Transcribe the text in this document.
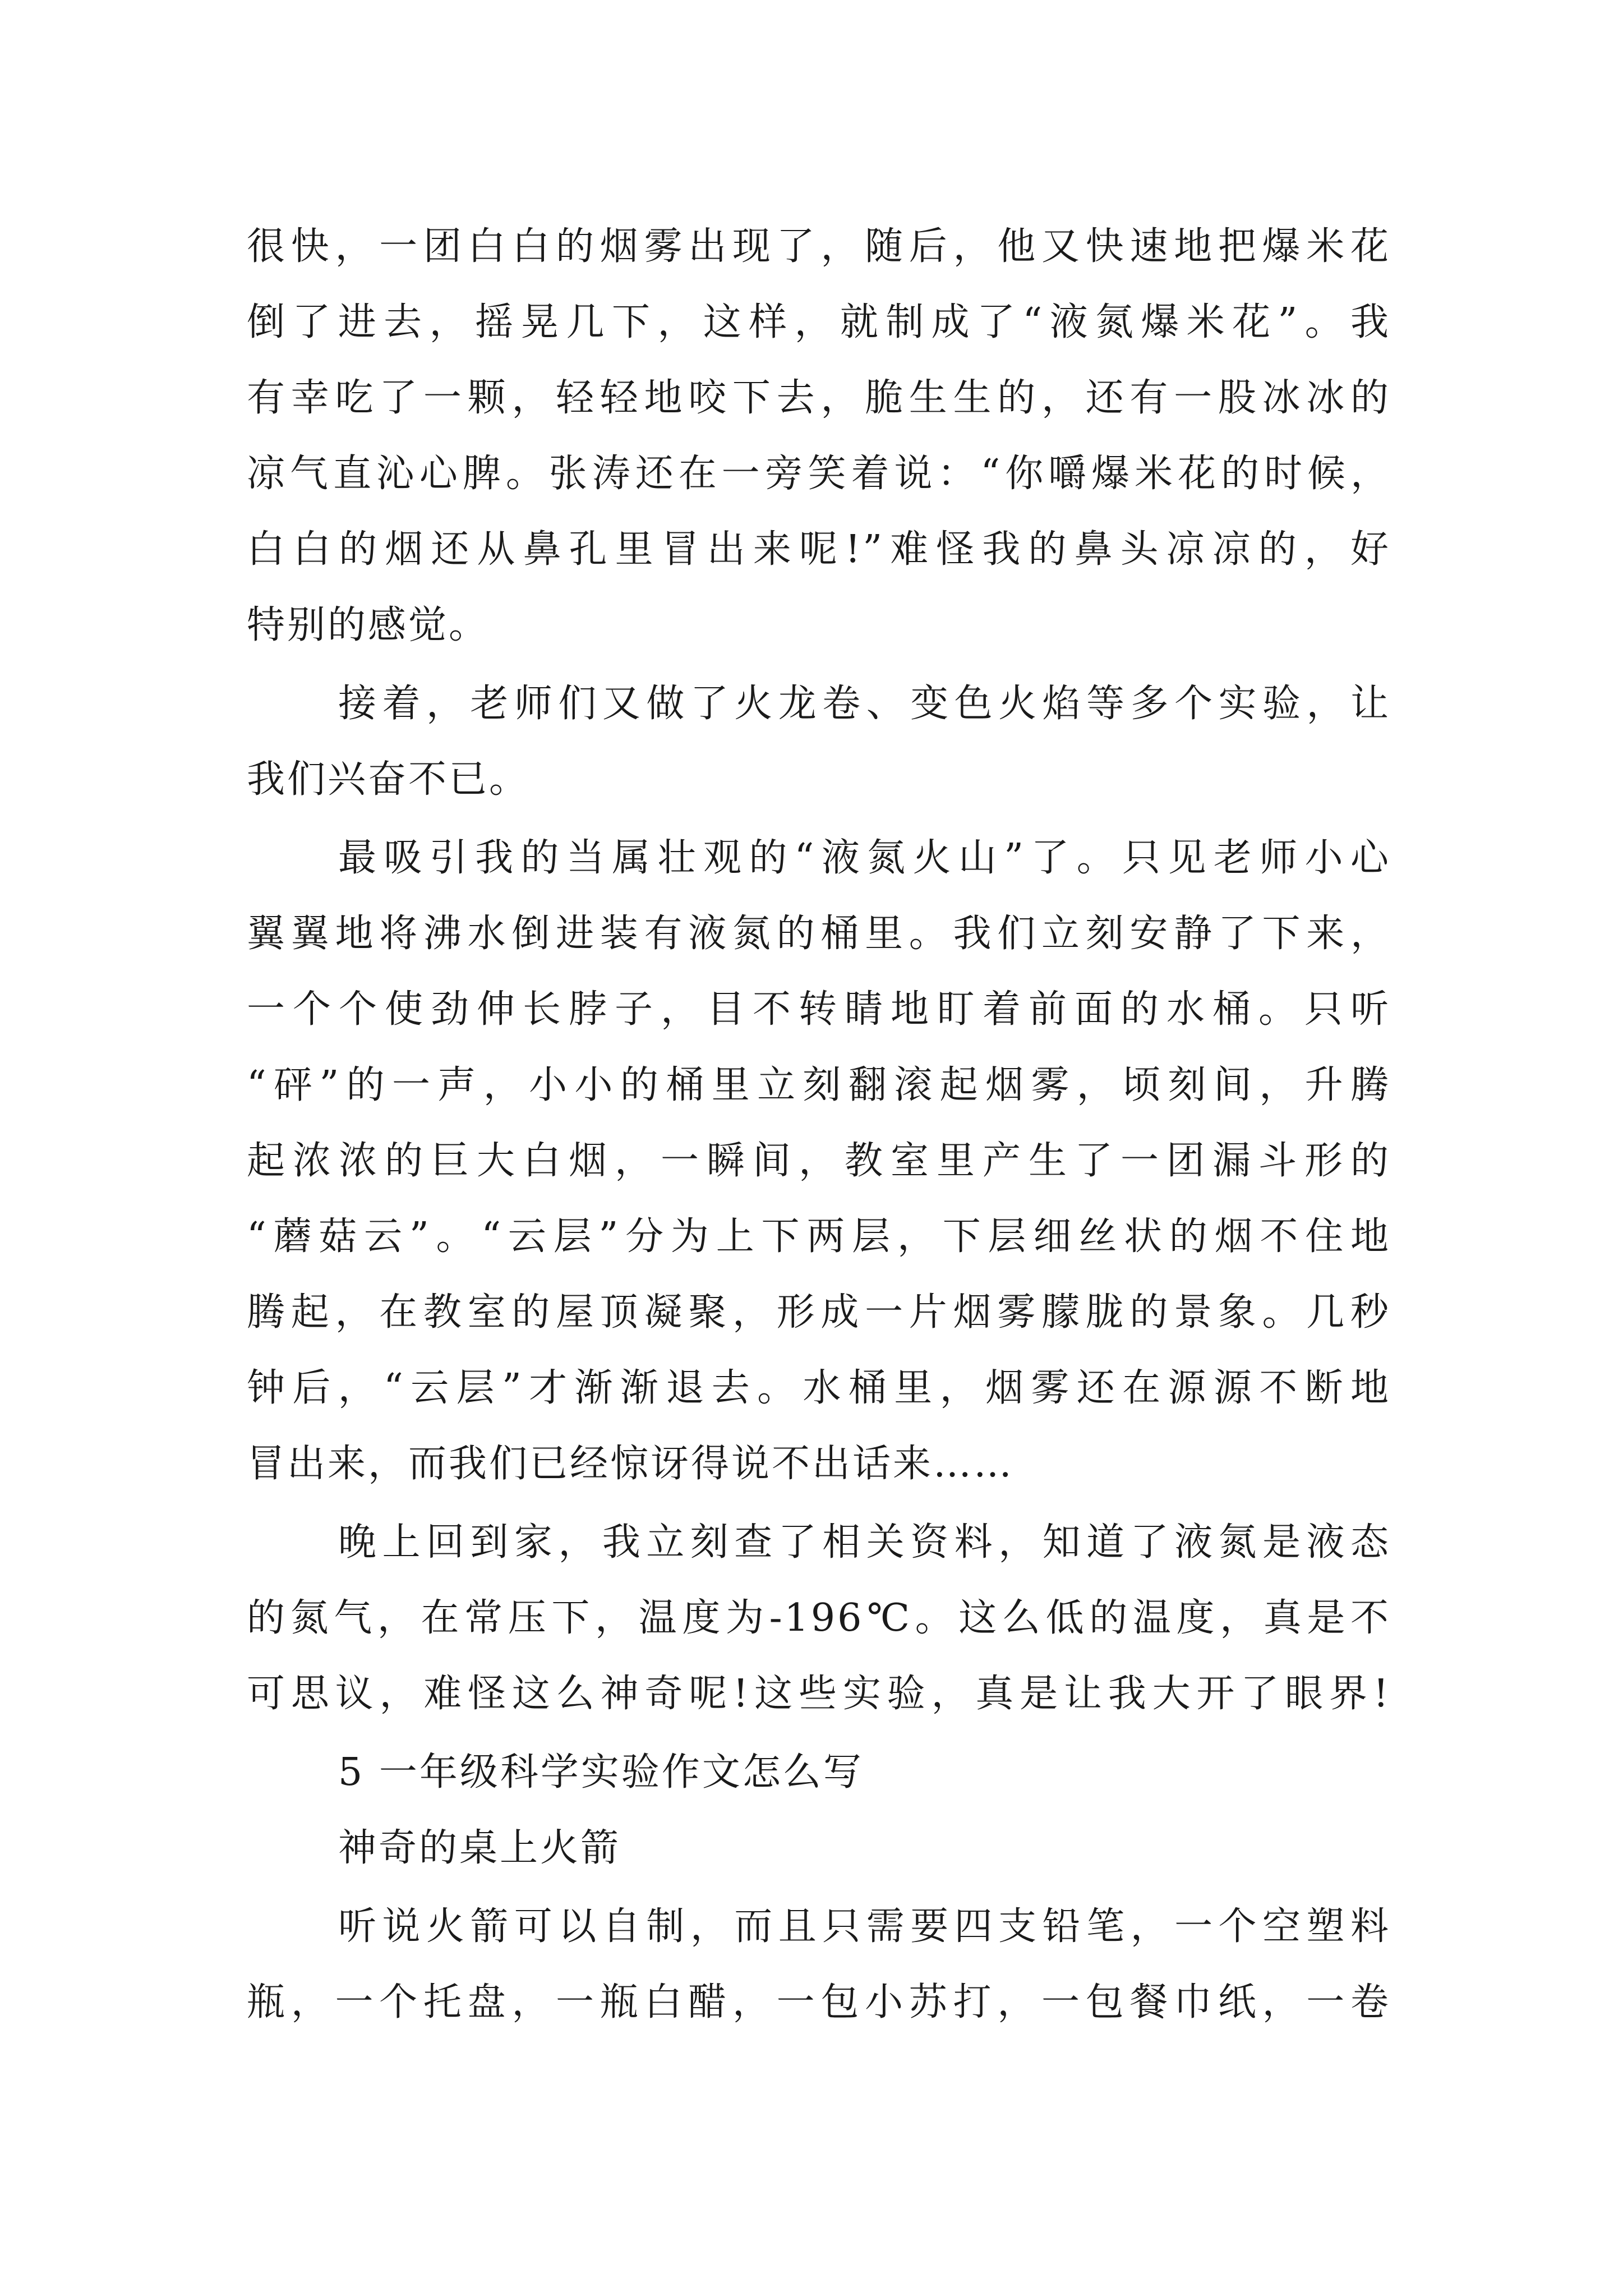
很快，一团白白的烟雾出现了，随后，他又快速地把爆米花
倒了进去，摇晃几下，这样，就制成了“液氮爆米花”。我
有幸吃了一颗，轻轻地咬下去，脆生生的，还有一股冰冰的
凉气直沁心脾。张涛还在一旁笑着说：“你嚼爆米花的时候，
白白的烟还从鼻孔里冒出来呢!”难怪我的鼻头凉凉的，好
特别的感觉。
接着，老师们又做了火龙卷、变色火焰等多个实验，让
我们兴奋不已。
最吸引我的当属壮观的“液氮火山”了。只见老师小心
翼翼地将沸水倒进装有液氮的桶里。我们立刻安静了下来，
一个个使劲伸长脖子，目不转睛地盯着前面的水桶。只听
“砰”的一声，小小的桶里立刻翻滚起烟雾，顷刻间，升腾
起浓浓的巨大白烟，一瞬间，教室里产生了一团漏斗形的
“蘑菇云”。“云层”分为上下两层，下层细丝状的烟不住地
腾起，在教室的屋顶凝聚，形成一片烟雾朦胧的景象。几秒
钟后，“云层”才渐渐退去。水桶里，烟雾还在源源不断地
冒出来，而我们已经惊讶得说不出话来……
晚上回到家，我立刻查了相关资料，知道了液氮是液态
的氮气，在常压下，温度为-196℃。这么低的温度，真是不
可思议，难怪这么神奇呢!这些实验，真是让我大开了眼界!
5 一年级科学实验作文怎么写
神奇的桌上火箭
听说火箭可以自制，而且只需要四支铅笔，一个空塑料
瓶，一个托盘，一瓶白醋，一包小苏打，一包餐巾纸，一卷
